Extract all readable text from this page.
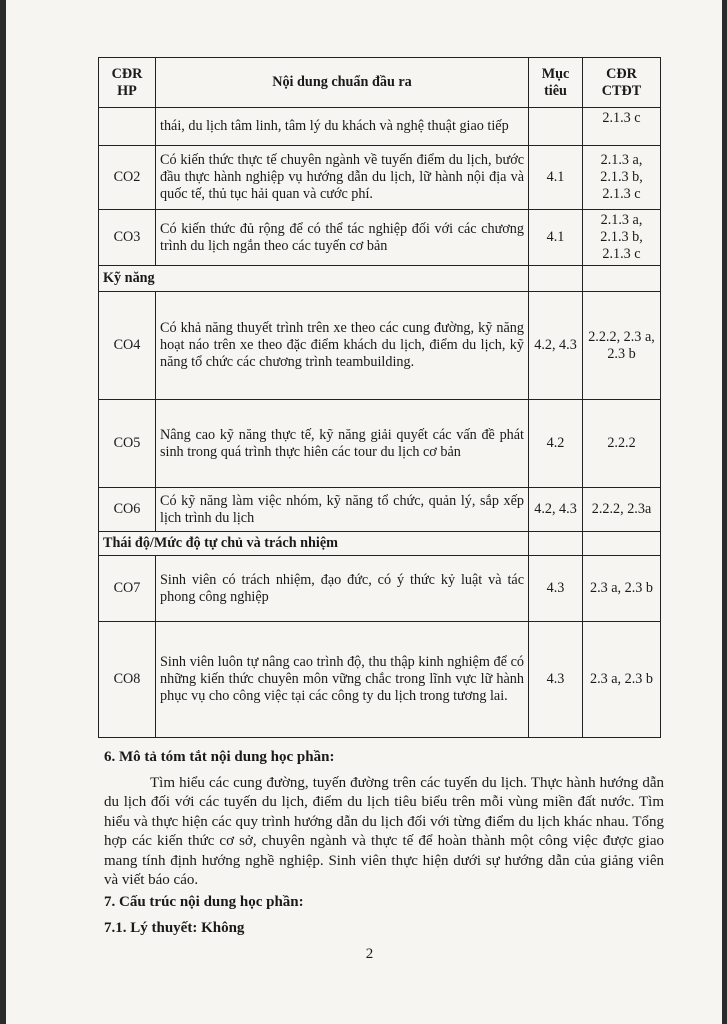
CĐR HP	Nội dung chuẩn đầu ra	Mục tiêu	CĐR CTĐT
	thái, du lịch tâm linh, tâm lý du khách và nghệ thuật giao tiếp		2.1.3 c
CO2	Có kiến thức thực tế chuyên ngành về tuyến điểm du lịch, bước đầu thực hành nghiệp vụ hướng dẫn du lịch, lữ hành nội địa và quốc tế, thủ tục hải quan và cước phí.	4.1	2.1.3 a, 2.1.3 b, 2.1.3 c
CO3	Có kiến thức đủ rộng để có thể tác nghiệp đối với các chương trình du lịch ngắn theo các tuyến cơ bản	4.1	2.1.3 a, 2.1.3 b, 2.1.3 c
Kỹ năng			
CO4	Có khả năng thuyết trình trên xe theo các cung đường, kỹ năng hoạt náo trên xe theo đặc điểm khách du lịch, điểm du lịch, kỹ năng tổ chức các chương trình teambuilding.	4.2, 4.3	2.2.2, 2.3 a, 2.3 b
CO5	Nâng cao kỹ năng thực tế, kỹ năng giải quyết các vấn đề phát sinh trong quá trình thực hiên các tour du lịch cơ bản	4.2	2.2.2
CO6	Có kỹ năng làm việc nhóm, kỹ năng tổ chức, quản lý, sắp xếp lịch trình du lịch	4.2, 4.3	2.2.2, 2.3a
Thái độ/Mức độ tự chủ và trách nhiệm			
CO7	Sinh viên có trách nhiệm, đạo đức, có ý thức kỷ luật và tác phong công nghiệp	4.3	2.3 a, 2.3 b
CO8	Sinh viên luôn tự nâng cao trình độ, thu thập kinh nghiệm để có những kiến thức chuyên môn vững chắc trong lĩnh vực lữ hành phục vụ cho công việc tại các công ty du lịch trong tương lai.	4.3	2.3 a, 2.3 b
6. Mô tả tóm tắt nội dung học phần:
Tìm hiểu các cung đường, tuyến đường trên các tuyến du lịch. Thực hành hướng dẫn du lịch đối với các tuyến du lịch, điểm du lịch tiêu biểu trên mỗi vùng miền đất nước. Tìm hiểu và thực hiện các quy trình hướng dẫn du lịch đối với từng điểm du lịch khác nhau. Tổng hợp các kiến thức cơ sở, chuyên ngành và thực tế để hoàn thành một công việc được giao mang tính định hướng nghề nghiệp. Sinh viên thực hiện dưới sự hướng dẫn của giảng viên và viết báo cáo.
7. Cấu trúc nội dung học phần:
7.1. Lý thuyết: Không
2
